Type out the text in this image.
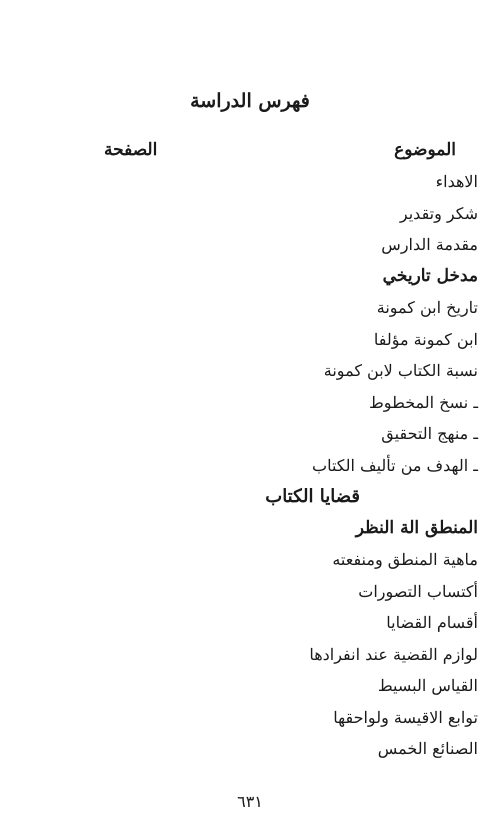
فهرس الدراسة
الموضوع
الصفحة
الاهداء
شكر وتقدير
مقدمة الدارس
مدخل تاريخي
تاريخ ابن كمونة
ابن كمونة مؤلفا
نسبة الكتاب لابن كمونة
ـ نسخ المخطوط
ـ منهج التحقيق
ـ الهدف من تأليف الكتاب
قضايا الكتاب
المنطق الة النظر
ماهية المنطق ومنفعته
أكتساب التصورات
أقسام القضايا
لوازم القضية عند انفرادها
القياس البسيط
توابع الاقيسة ولواحقها
الصنائع الخمس
٦٣١
